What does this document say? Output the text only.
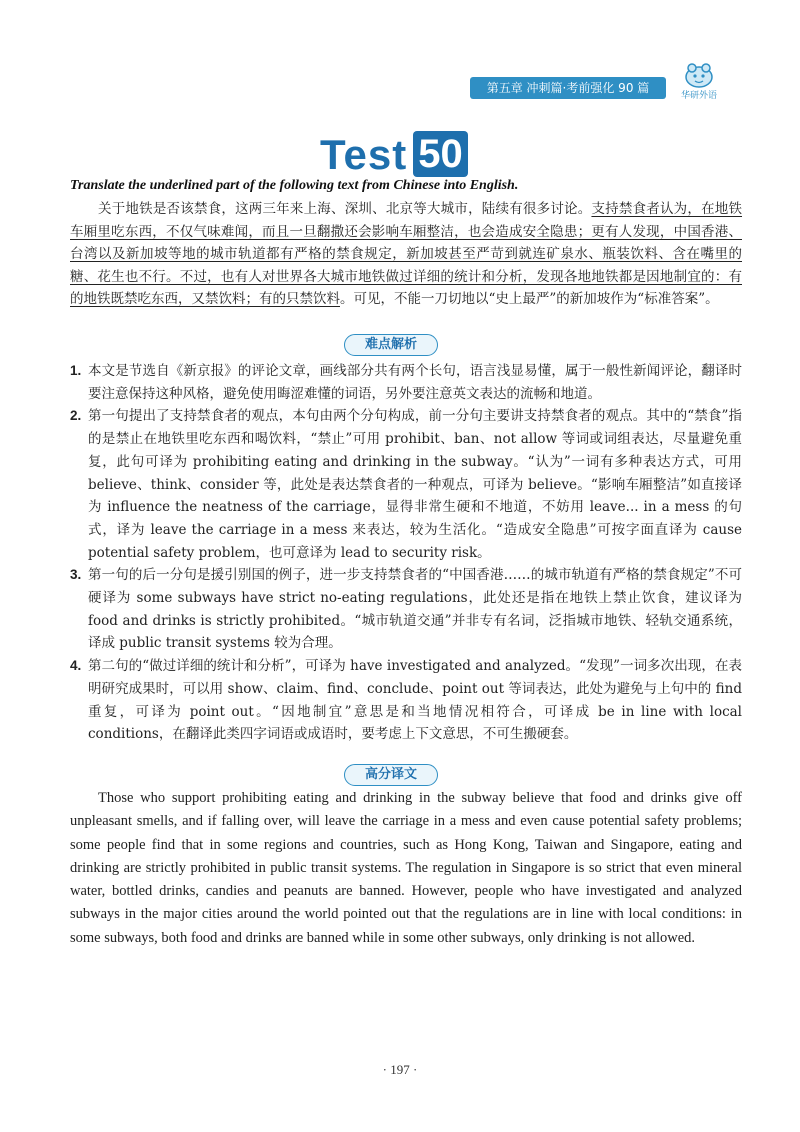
第五章 冲刺篇·考前强化 90 篇
华研外语
Test 50
Translate the underlined part of the following text from Chinese into English.

关于地铁是否该禁食，这两三年来上海、深圳、北京等大城市，陆续有很多讨论。支持禁食者认为，在地铁车厢里吃东西，不仅气味难闻，而且一旦翻撒还会影响车厢整洁，也会造成安全隐患；更有人发现，中国香港、台湾以及新加坡等地的城市轨道都有严格的禁食规定，新加坡甚至严苛到就连矿泉水、瓶装饮料、含在嘴里的糖、花生也不行。不过，也有人对世界各大城市地铁做过详细的统计和分析，发现各地地铁都是因地制宜的：有的地铁既禁吃东西，又禁饮料；有的只禁饮料。可见，不能一刀切地以“史上最严”的新加坡作为“标准答案”。

难点解析
1. 本文是节选自《新京报》的评论文章，画线部分共有两个长句，语言浅显易懂，属于一般性新闻评论，翻译时要注意保持这种风格，避免使用晦涩难懂的词语，另外要注意英文表达的流畅和地道。
2. 第一句提出了支持禁食者的观点，本句由两个分句构成，前一分句主要讲支持禁食者的观点。其中的“禁食”指的是禁止在地铁里吃东西和喝饮料，“禁止”可用 prohibit、ban、not allow 等词或词组表达，尽量避免重复，此句可译为 prohibiting eating and drinking in the subway。“认为”一词有多种表达方式，可用 believe、think、consider 等，此处是表达禁食者的一种观点，可译为 believe。“影响车厢整洁”如直接译为 influence the neatness of the carriage，显得非常生硬和不地道，不妨用 leave... in a mess 的句式，译为 leave the carriage in a mess 来表达，较为生活化。“造成安全隐患”可按字面直译为 cause potential safety problem，也可意译为 lead to security risk。
3. 第一句的后一分句是援引别国的例子，进一步支持禁食者的“中国香港……的城市轨道有严格的禁食规定”不可硬译为 some subways have strict no-eating regulations，此处还是指在地铁上禁止饮食，建议译为 food and drinks is strictly prohibited。“城市轨道交通”并非专有名词，泛指城市地铁、轻轨交通系统，译成 public transit systems 较为合理。
4. 第二句的“做过详细的统计和分析”，可译为 have investigated and analyzed。“发现”一词多次出现，在表明研究成果时，可以用 show、claim、find、conclude、point out 等词表达，此处为避免与上句中的 find 重复，可译为 point out。“因地制宜”意思是和当地情况相符合，可译成 be in line with local conditions，在翻译此类四字词语或成语时，要考虑上下文意思，不可生搬硬套。
高分译文

Those who support prohibiting eating and drinking in the subway believe that food and drinks give off unpleasant smells, and if falling over, will leave the carriage in a mess and even cause potential safety problems; some people find that in some regions and countries, such as Hong Kong, Taiwan and Singapore, eating and drinking are strictly prohibited in public transit systems. The regulation in Singapore is so strict that even mineral water, bottled drinks, candies and peanuts are banned. However, people who have investigated and analyzed subways in the major cities around the world pointed out that the regulations are in line with local conditions: in some subways, both food and drinks are banned while in some other subways, only drinking is not allowed.

· 197 ·
